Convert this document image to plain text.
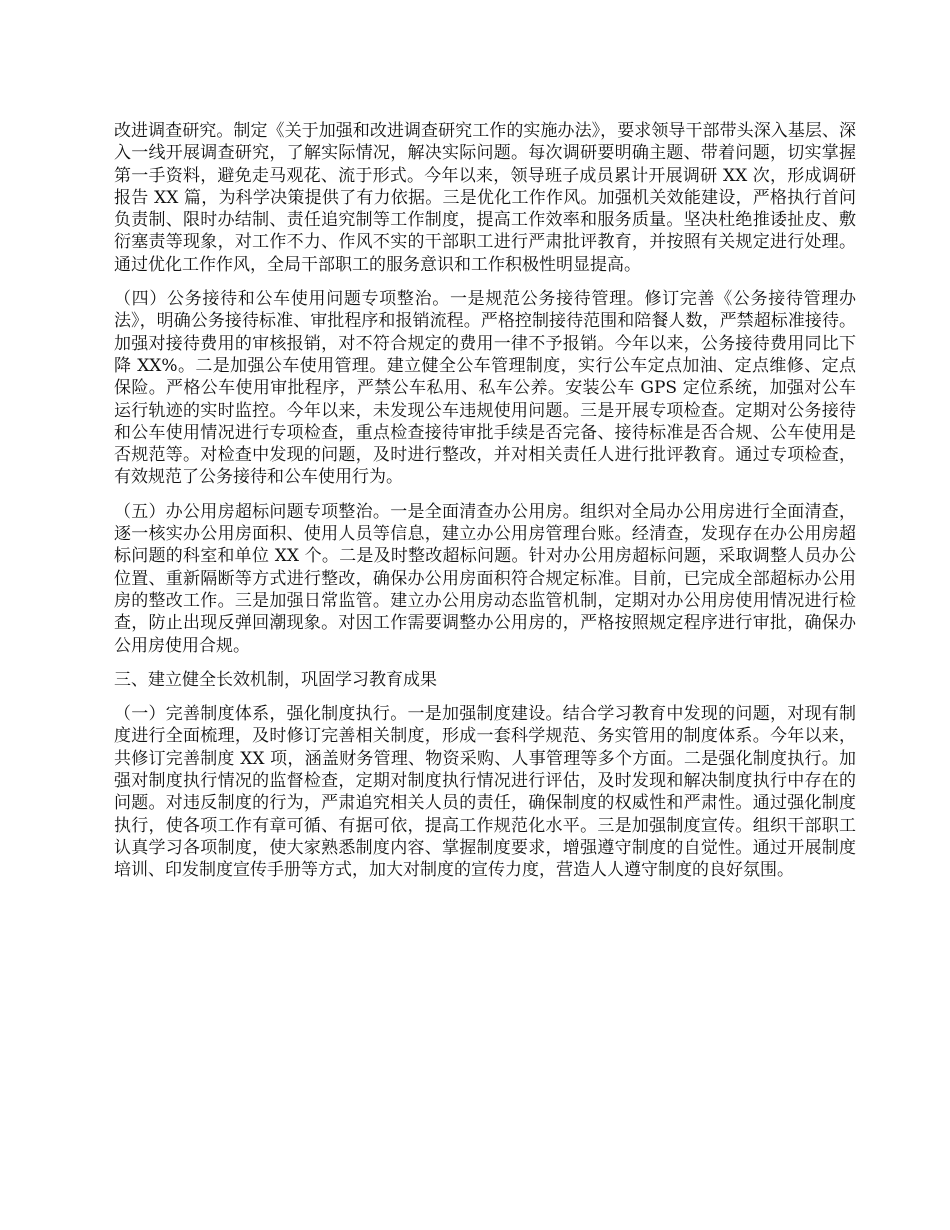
改进调查研究。制定《关于加强和改进调查研究工作的实施办法》，要求领导干部带头深入基层、深入一线开展调查研究，了解实际情况，解决实际问题。每次调研要明确主题、带着问题，切实掌握第一手资料，避免走马观花、流于形式。今年以来，领导班子成员累计开展调研 XX 次，形成调研报告 XX 篇，为科学决策提供了有力依据。三是优化工作作风。加强机关效能建设，严格执行首问负责制、限时办结制、责任追究制等工作制度，提高工作效率和服务质量。坚决杜绝推诿扯皮、敷衍塞责等现象，对工作不力、作风不实的干部职工进行严肃批评教育，并按照有关规定进行处理。通过优化工作作风，全局干部职工的服务意识和工作积极性明显提高。

（四）公务接待和公车使用问题专项整治。一是规范公务接待管理。修订完善《公务接待管理办法》，明确公务接待标准、审批程序和报销流程。严格控制接待范围和陪餐人数，严禁超标准接待。加强对接待费用的审核报销，对不符合规定的费用一律不予报销。今年以来，公务接待费用同比下降 XX%。二是加强公车使用管理。建立健全公车管理制度，实行公车定点加油、定点维修、定点保险。严格公车使用审批程序，严禁公车私用、私车公养。安装公车 GPS 定位系统，加强对公车运行轨迹的实时监控。今年以来，未发现公车违规使用问题。三是开展专项检查。定期对公务接待和公车使用情况进行专项检查，重点检查接待审批手续是否完备、接待标准是否合规、公车使用是否规范等。对检查中发现的问题，及时进行整改，并对相关责任人进行批评教育。通过专项检查，有效规范了公务接待和公车使用行为。

（五）办公用房超标问题专项整治。一是全面清查办公用房。组织对全局办公用房进行全面清查，逐一核实办公用房面积、使用人员等信息，建立办公用房管理台账。经清查，发现存在办公用房超标问题的科室和单位 XX 个。二是及时整改超标问题。针对办公用房超标问题，采取调整人员办公位置、重新隔断等方式进行整改，确保办公用房面积符合规定标准。目前，已完成全部超标办公用房的整改工作。三是加强日常监管。建立办公用房动态监管机制，定期对办公用房使用情况进行检查，防止出现反弹回潮现象。对因工作需要调整办公用房的，严格按照规定程序进行审批，确保办公用房使用合规。

三、建立健全长效机制，巩固学习教育成果

（一）完善制度体系，强化制度执行。一是加强制度建设。结合学习教育中发现的问题，对现有制度进行全面梳理，及时修订完善相关制度，形成一套科学规范、务实管用的制度体系。今年以来，共修订完善制度 XX 项，涵盖财务管理、物资采购、人事管理等多个方面。二是强化制度执行。加强对制度执行情况的监督检查，定期对制度执行情况进行评估，及时发现和解决制度执行中存在的问题。对违反制度的行为，严肃追究相关人员的责任，确保制度的权威性和严肃性。通过强化制度执行，使各项工作有章可循、有据可依，提高工作规范化水平。三是加强制度宣传。组织干部职工认真学习各项制度，使大家熟悉制度内容、掌握制度要求，增强遵守制度的自觉性。通过开展制度培训、印发制度宣传手册等方式，加大对制度的宣传力度，营造人人遵守制度的良好氛围。
